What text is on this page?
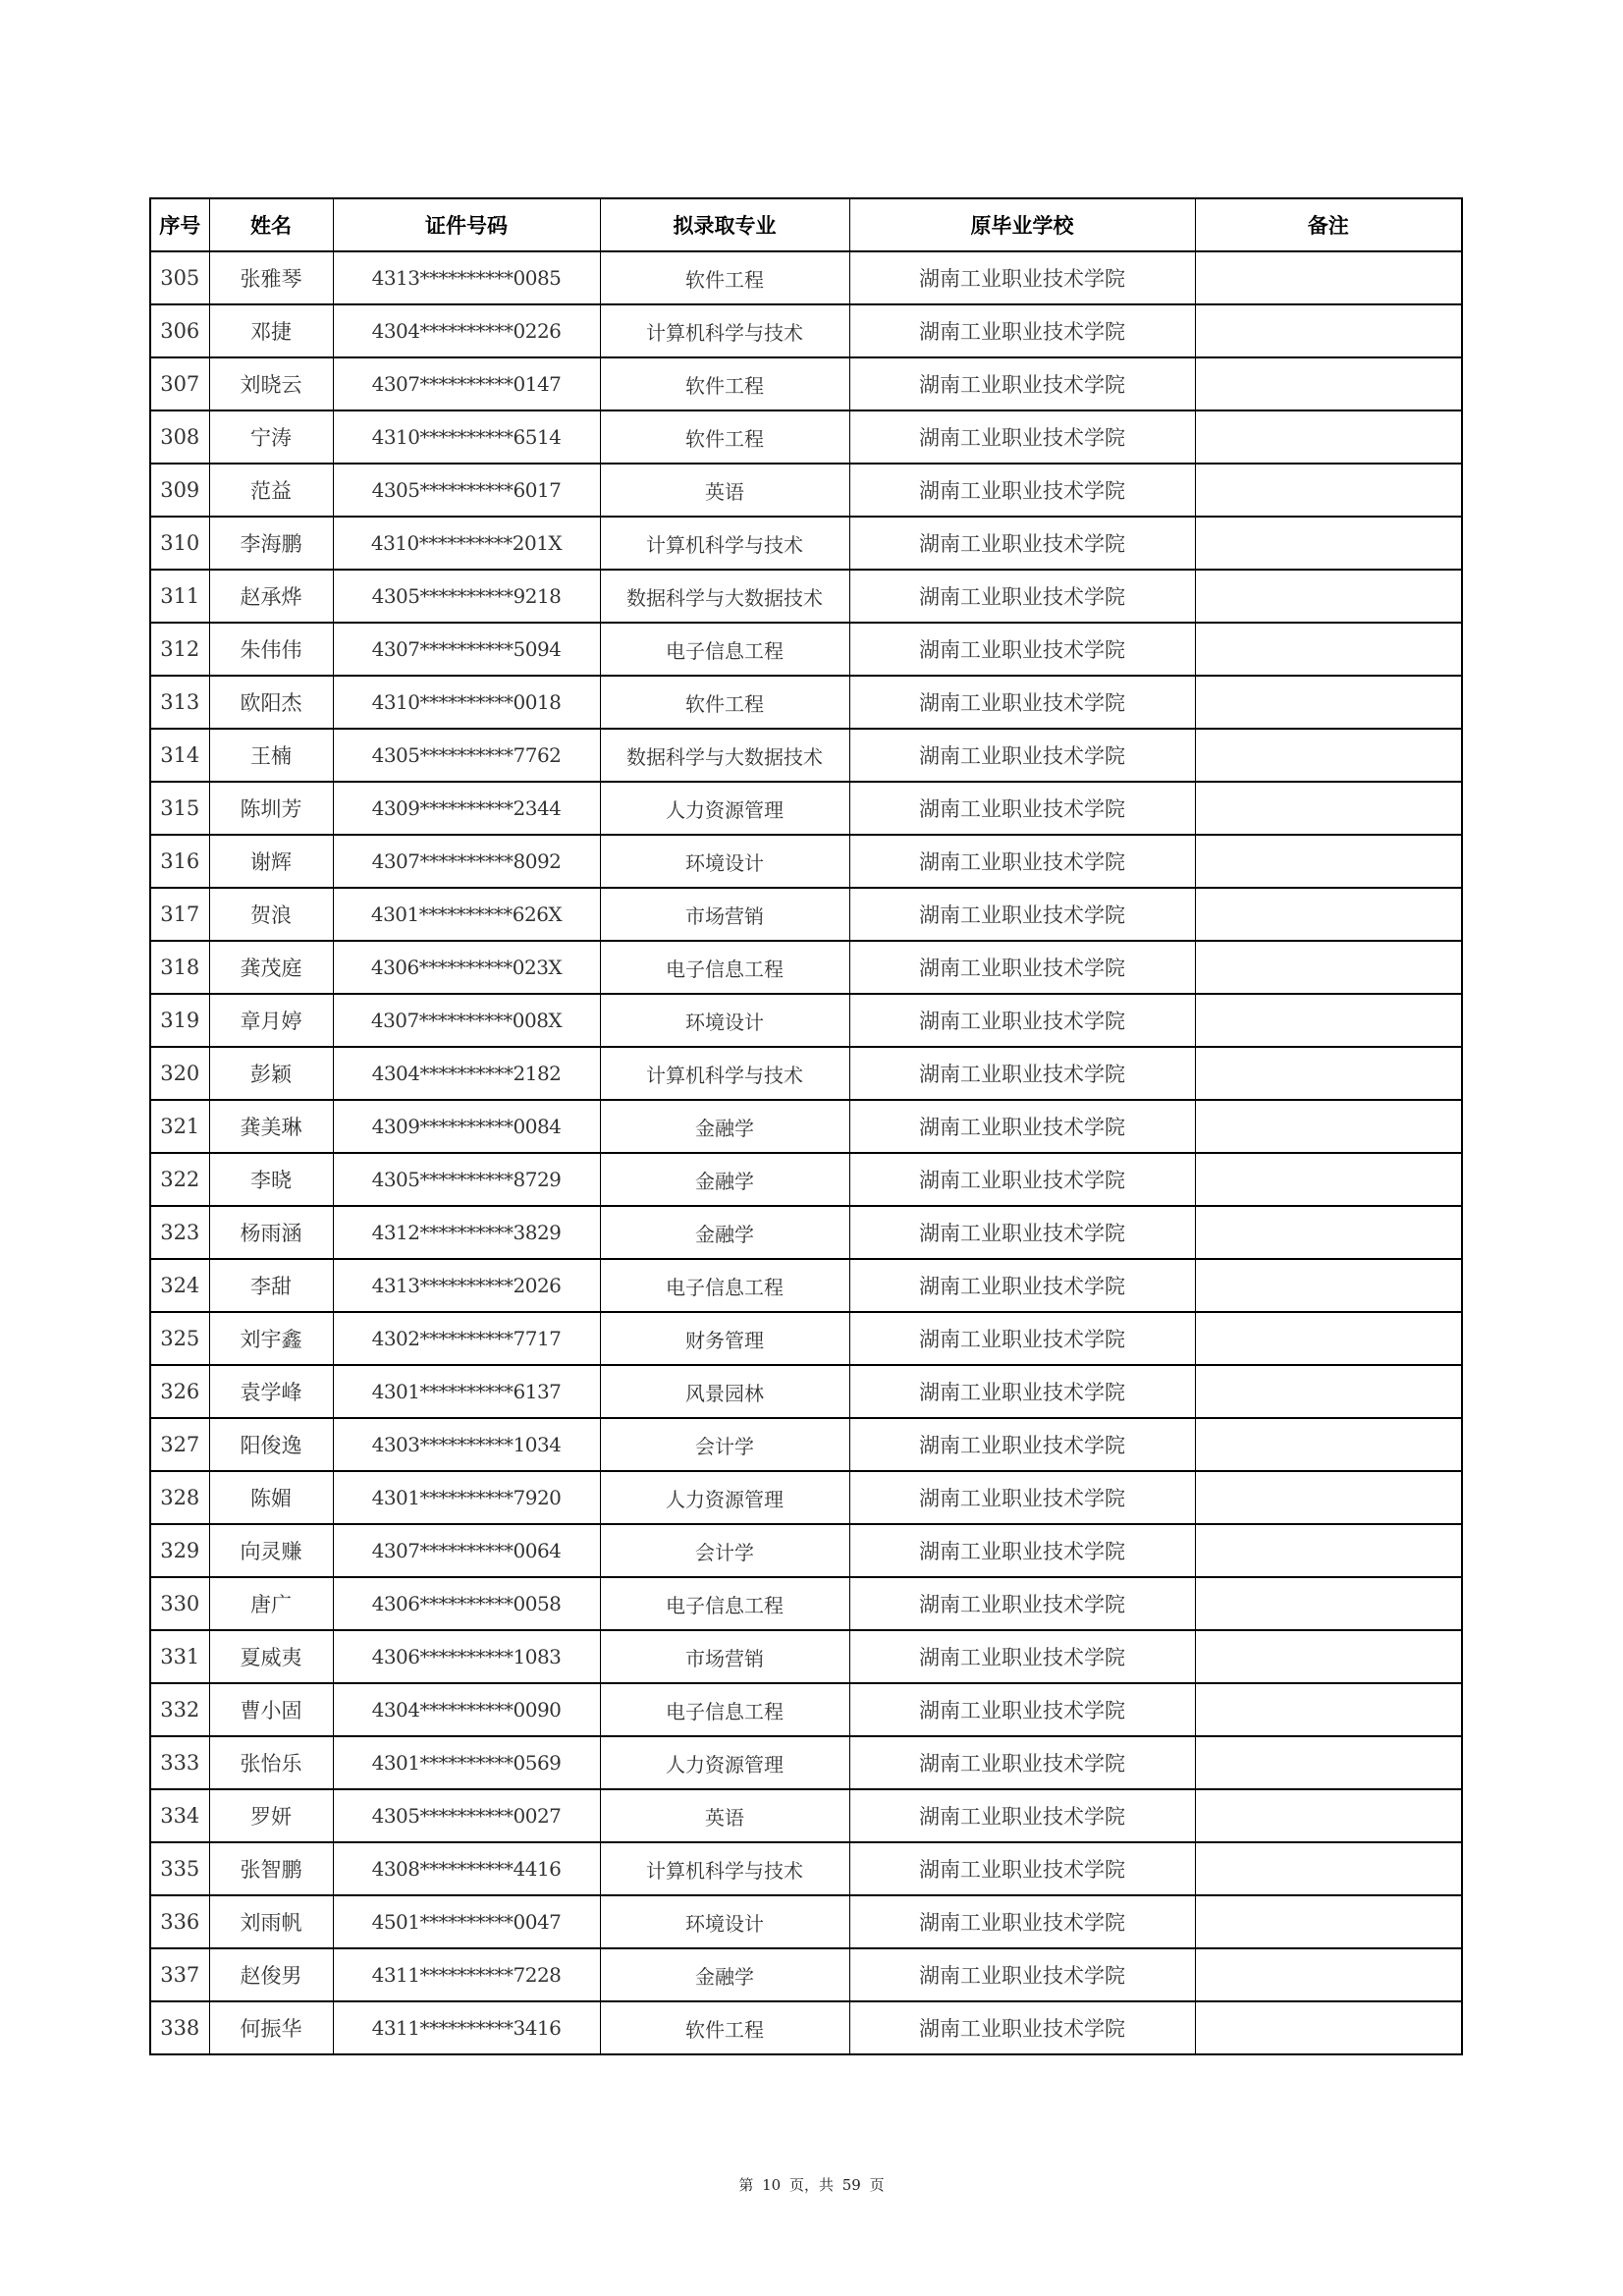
序号	姓名	证件号码	拟录取专业	原毕业学校	备注
305	张雅琴	4313**********0085	软件工程	湖南工业职业技术学院	
306	邓捷	4304**********0226	计算机科学与技术	湖南工业职业技术学院	
307	刘晓云	4307**********0147	软件工程	湖南工业职业技术学院	
308	宁涛	4310**********6514	软件工程	湖南工业职业技术学院	
309	范益	4305**********6017	英语	湖南工业职业技术学院	
310	李海鹏	4310**********201X	计算机科学与技术	湖南工业职业技术学院	
311	赵承烨	4305**********9218	数据科学与大数据技术	湖南工业职业技术学院	
312	朱伟伟	4307**********5094	电子信息工程	湖南工业职业技术学院	
313	欧阳杰	4310**********0018	软件工程	湖南工业职业技术学院	
314	王楠	4305**********7762	数据科学与大数据技术	湖南工业职业技术学院	
315	陈圳芳	4309**********2344	人力资源管理	湖南工业职业技术学院	
316	谢辉	4307**********8092	环境设计	湖南工业职业技术学院	
317	贺浪	4301**********626X	市场营销	湖南工业职业技术学院	
318	龚茂庭	4306**********023X	电子信息工程	湖南工业职业技术学院	
319	章月婷	4307**********008X	环境设计	湖南工业职业技术学院	
320	彭颖	4304**********2182	计算机科学与技术	湖南工业职业技术学院	
321	龚美琳	4309**********0084	金融学	湖南工业职业技术学院	
322	李晓	4305**********8729	金融学	湖南工业职业技术学院	
323	杨雨涵	4312**********3829	金融学	湖南工业职业技术学院	
324	李甜	4313**********2026	电子信息工程	湖南工业职业技术学院	
325	刘宇鑫	4302**********7717	财务管理	湖南工业职业技术学院	
326	袁学峰	4301**********6137	风景园林	湖南工业职业技术学院	
327	阳俊逸	4303**********1034	会计学	湖南工业职业技术学院	
328	陈媚	4301**********7920	人力资源管理	湖南工业职业技术学院	
329	向灵赚	4307**********0064	会计学	湖南工业职业技术学院	
330	唐广	4306**********0058	电子信息工程	湖南工业职业技术学院	
331	夏威夷	4306**********1083	市场营销	湖南工业职业技术学院	
332	曹小固	4304**********0090	电子信息工程	湖南工业职业技术学院	
333	张怡乐	4301**********0569	人力资源管理	湖南工业职业技术学院	
334	罗妍	4305**********0027	英语	湖南工业职业技术学院	
335	张智鹏	4308**********4416	计算机科学与技术	湖南工业职业技术学院	
336	刘雨帆	4501**********0047	环境设计	湖南工业职业技术学院	
337	赵俊男	4311**********7228	金融学	湖南工业职业技术学院	
338	何振华	4311**********3416	软件工程	湖南工业职业技术学院	
第 10 页，共 59 页
